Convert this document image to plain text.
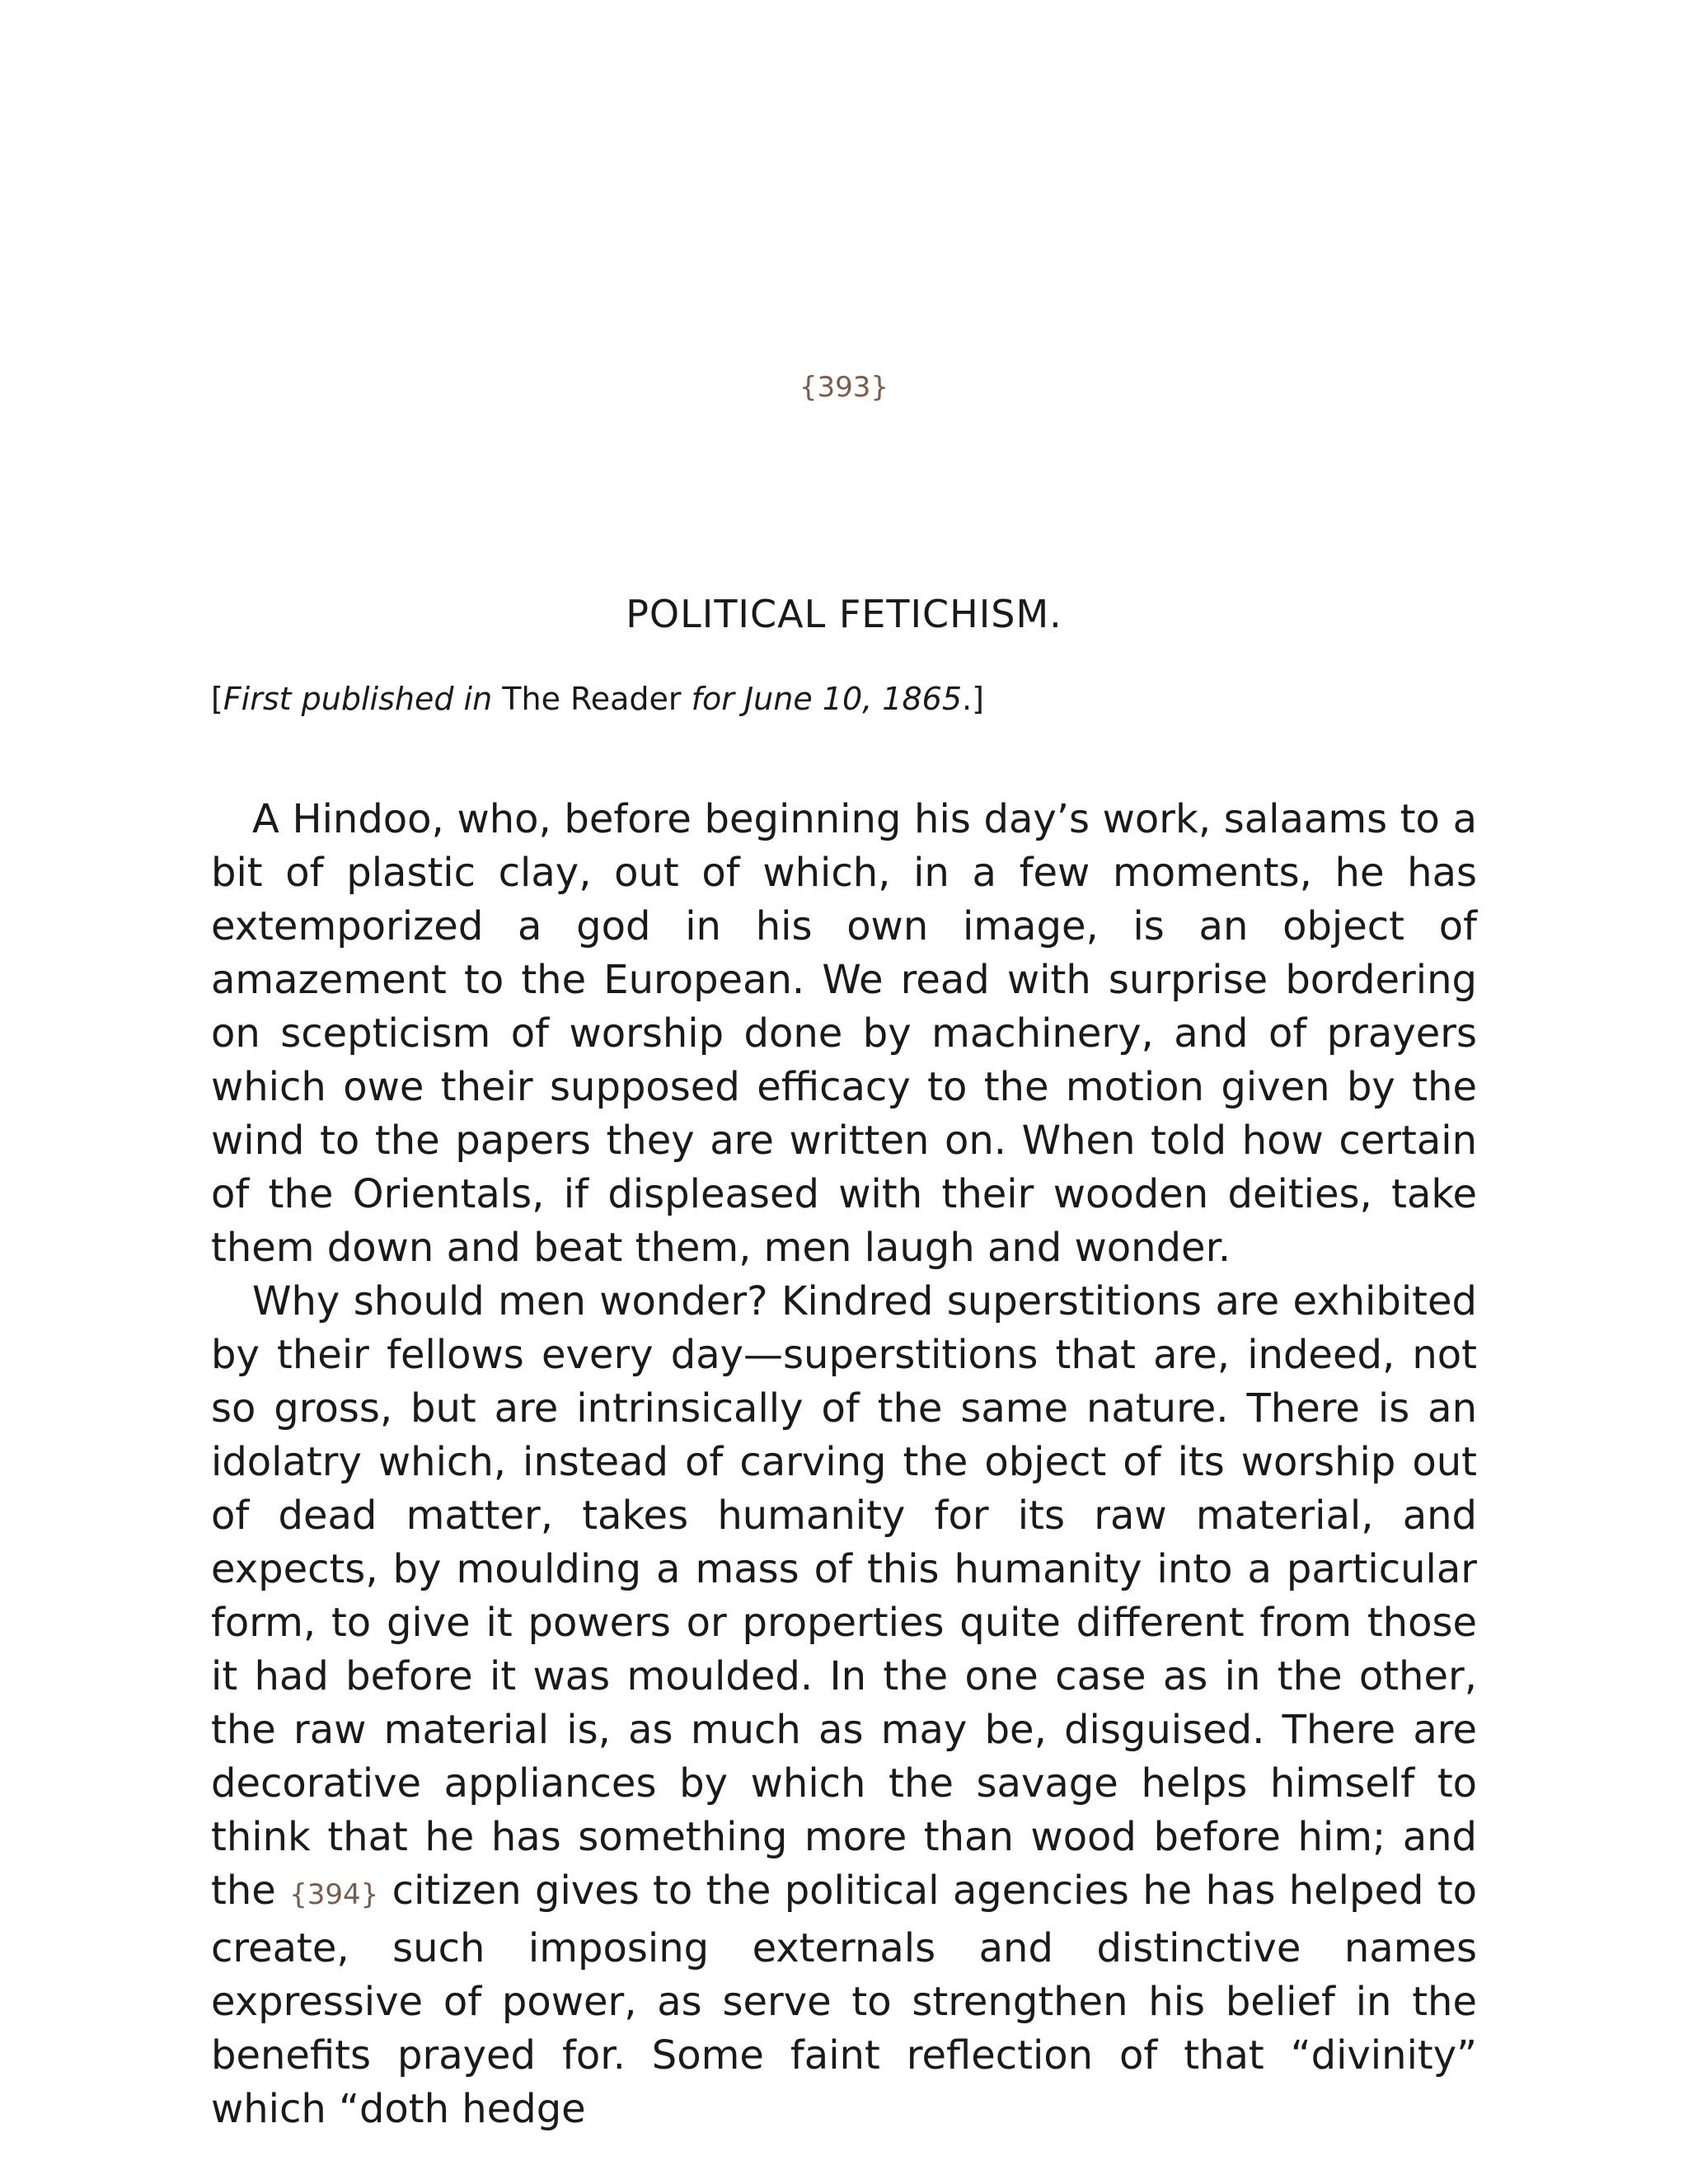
{393}
POLITICAL FETICHISM.
[First published in The Reader for June 10, 1865.]

A Hindoo, who, before beginning his day’s work, salaams to a bit of plastic clay, out of which, in a few moments, he has extemporized a god in his own image, is an object of amazement to the European. We read with surprise bordering on scepticism of worship done by machinery, and of prayers which owe their supposed efficacy to the motion given by the wind to the papers they are written on. When told how certain of the Orientals, if displeased with their wooden deities, take them down and beat them, men laugh and wonder.

Why should men wonder? Kindred superstitions are exhibited by their fellows every day—superstitions that are, indeed, not so gross, but are intrinsically of the same nature. There is an idolatry which, instead of carving the object of its worship out of dead matter, takes humanity for its raw material, and expects, by moulding a mass of this humanity into a particular form, to give it powers or properties quite different from those it had before it was moulded. In the one case as in the other, the raw material is, as much as may be, disguised. There are decorative appliances by which the savage helps himself to think that he has something more than wood before him; and the {394} citizen gives to the political agencies he has helped to create, such imposing externals and distinctive names expressive of power, as serve to strengthen his belief in the benefits prayed for. Some faint reflection of that “divinity” which “doth hedge
